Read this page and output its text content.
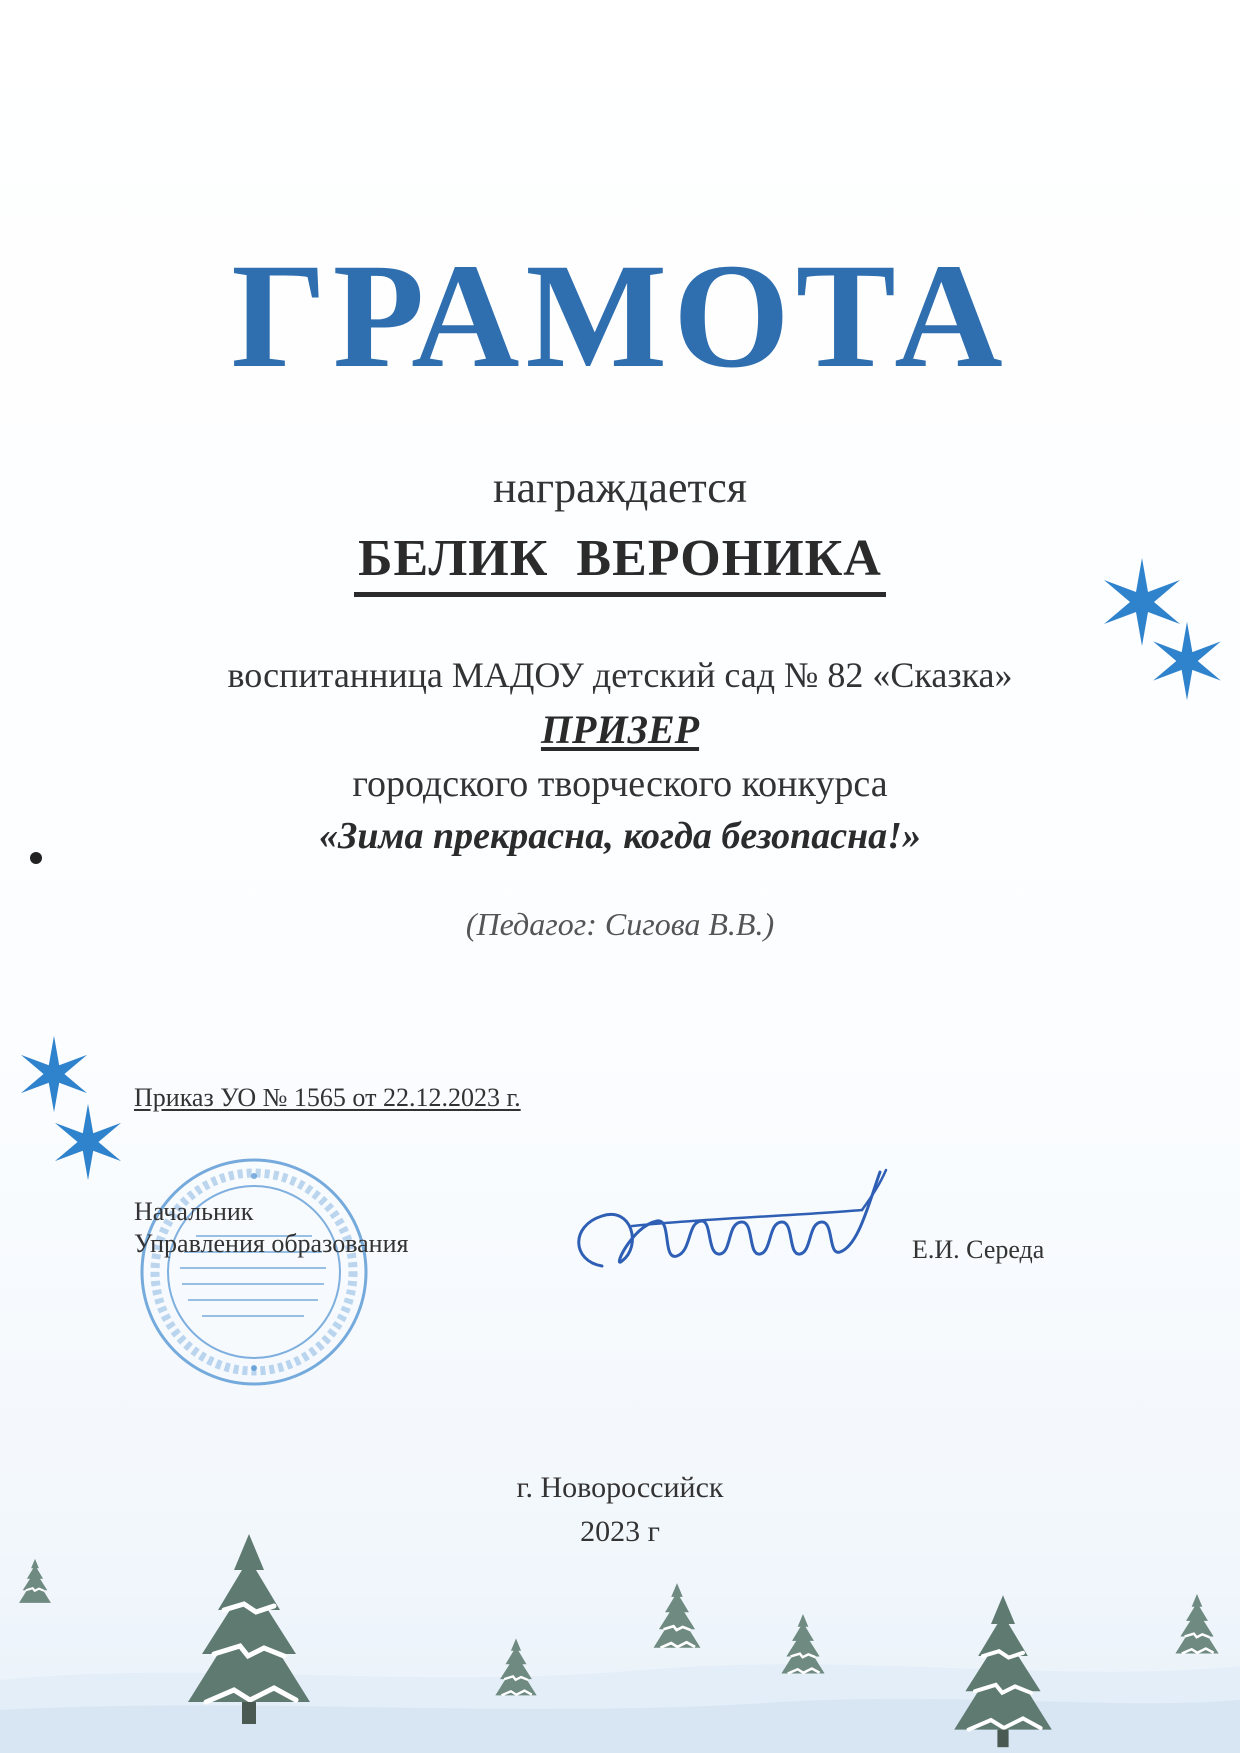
ГРАМОТА
награждается
БЕЛИК  ВЕРОНИКА
воспитанница МАДОУ детский сад № 82 «Сказка»
ПРИЗЕР
городского творческого конкурса
«Зима прекрасна, когда безопасна!»
(Педагог: Сигова В.В.)
Приказ УО № 1565 от 22.12.2023 г.
Начальник
Управления образования	Е.И. Середа
г. Новороссийск
2023 г
